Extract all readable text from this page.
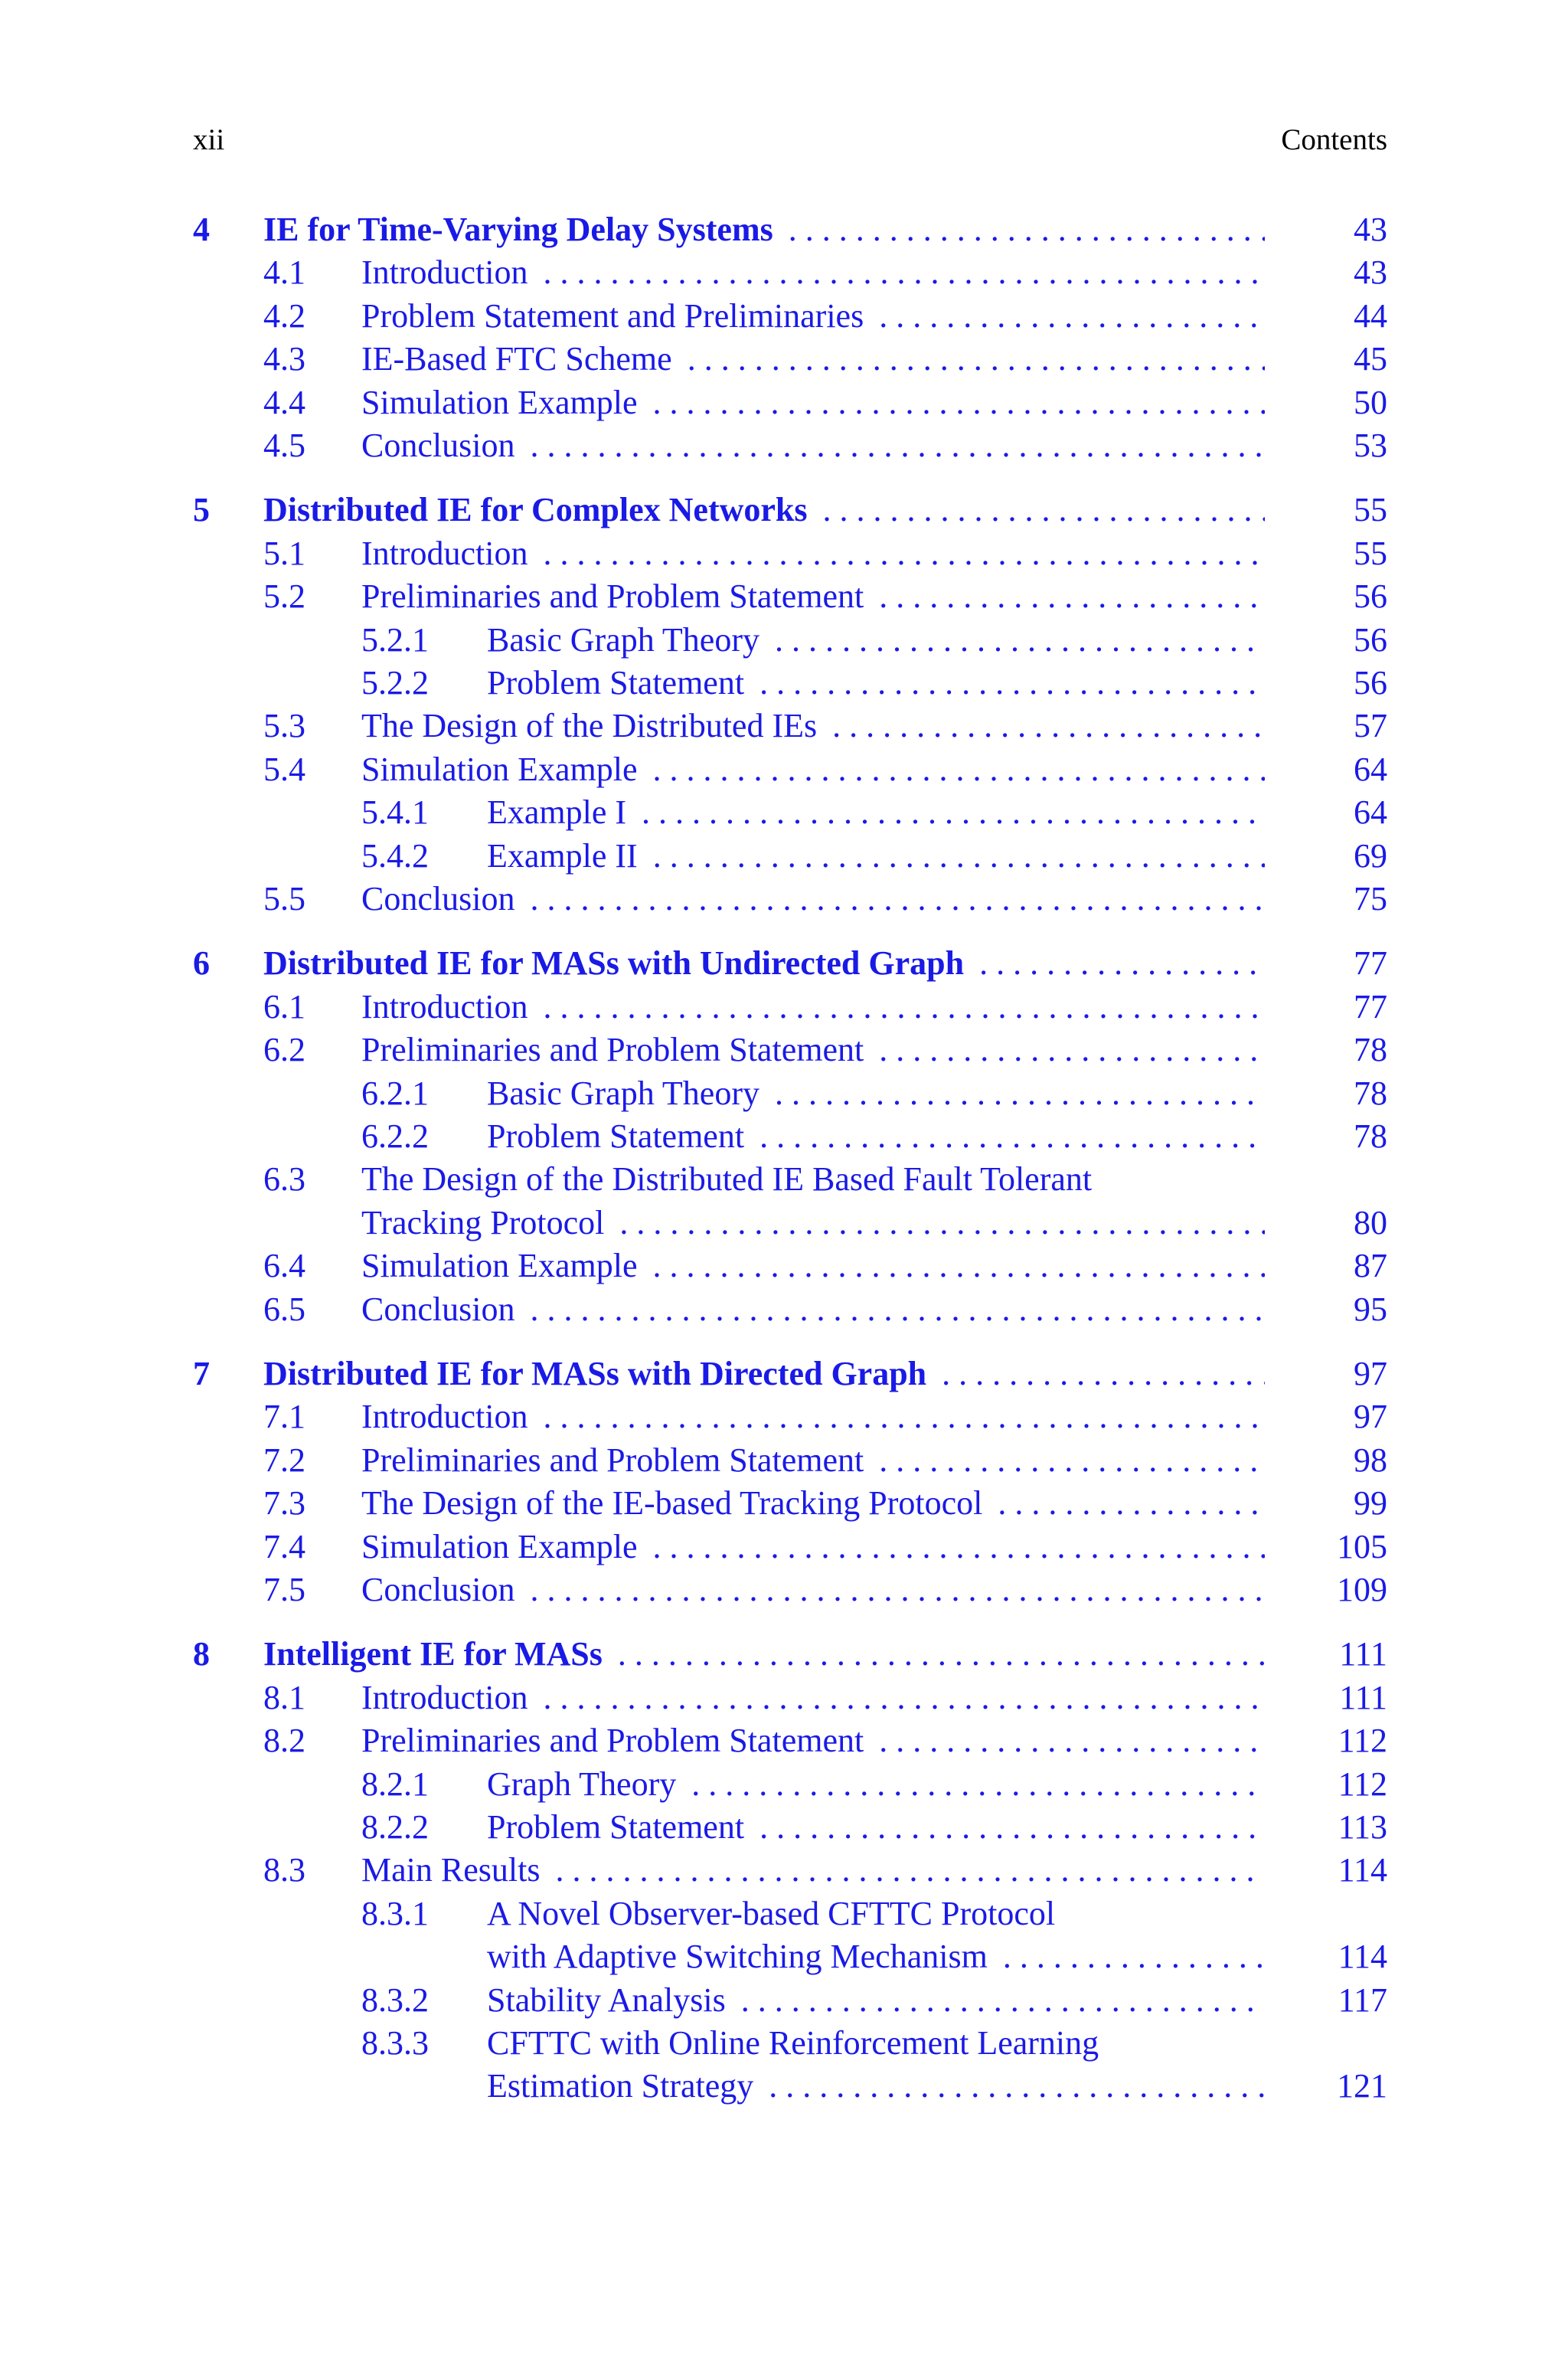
xii	Contents
4 IE for Time-Varying Delay Systems . . .	43
4.1 Introduction . . .	43
4.2 Problem Statement and Preliminaries . . .	44
4.3 IE-Based FTC Scheme . . .	45
4.4 Simulation Example . . .	50
4.5 Conclusion . . .	53
5 Distributed IE for Complex Networks . . .	55
5.1 Introduction . . .	55
5.2 Preliminaries and Problem Statement . . .	56
5.2.1 Basic Graph Theory . . .	56
5.2.2 Problem Statement . . .	56
5.3 The Design of the Distributed IEs . . .	57
5.4 Simulation Example . . .	64
5.4.1 Example I . . .	64
5.4.2 Example II . . .	69
5.5 Conclusion . . .	75
6 Distributed IE for MASs with Undirected Graph . . .	77
6.1 Introduction . . .	77
6.2 Preliminaries and Problem Statement . . .	78
6.2.1 Basic Graph Theory . . .	78
6.2.2 Problem Statement . . .	78
6.3 The Design of the Distributed IE Based Fault Tolerant
Tracking Protocol . . .	80
6.4 Simulation Example . . .	87
6.5 Conclusion . . .	95
7 Distributed IE for MASs with Directed Graph . . .	97
7.1 Introduction . . .	97
7.2 Preliminaries and Problem Statement . . .	98
7.3 The Design of the IE-based Tracking Protocol . . .	99
7.4 Simulation Example . . .	105
7.5 Conclusion . . .	109
8 Intelligent IE for MASs . . .	111
8.1 Introduction . . .	111
8.2 Preliminaries and Problem Statement . . .	112
8.2.1 Graph Theory . . .	112
8.2.2 Problem Statement . . .	113
8.3 Main Results . . .	114
8.3.1 A Novel Observer-based CFTTC Protocol
with Adaptive Switching Mechanism . . .	114
8.3.2 Stability Analysis . . .	117
8.3.3 CFTTC with Online Reinforcement Learning
Estimation Strategy . . .	121
